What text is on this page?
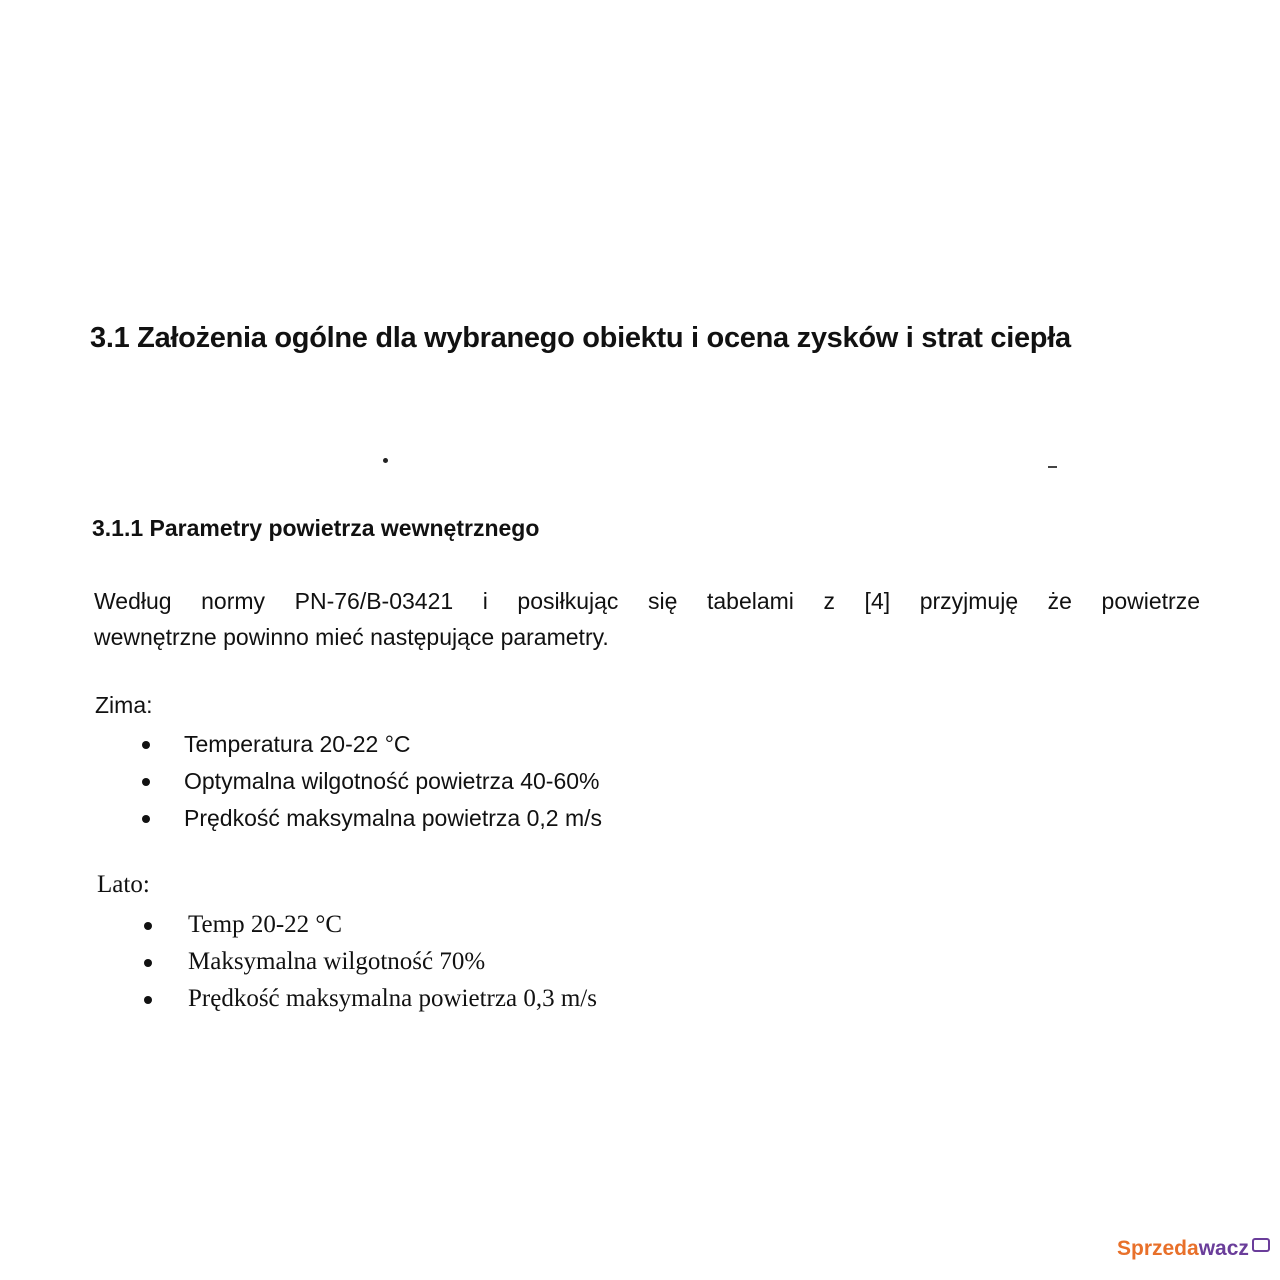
3.1 Założenia ogólne dla wybranego obiektu i ocena zysków i strat ciepła
3.1.1 Parametry powietrza wewnętrznego
Według normy PN-76/B-03421 i posiłkując się tabelami z [4] przyjmuję że powietrze
wewnętrzne powinno mieć następujące parametry.
Zima:
Temperatura 20-22 °C
Optymalna wilgotność powietrza 40-60%
Prędkość maksymalna powietrza 0,2 m/s
Lato:
Temp 20-22 °C
Maksymalna wilgotność 70%
Prędkość maksymalna powietrza 0,3 m/s
Sprzedawacz
